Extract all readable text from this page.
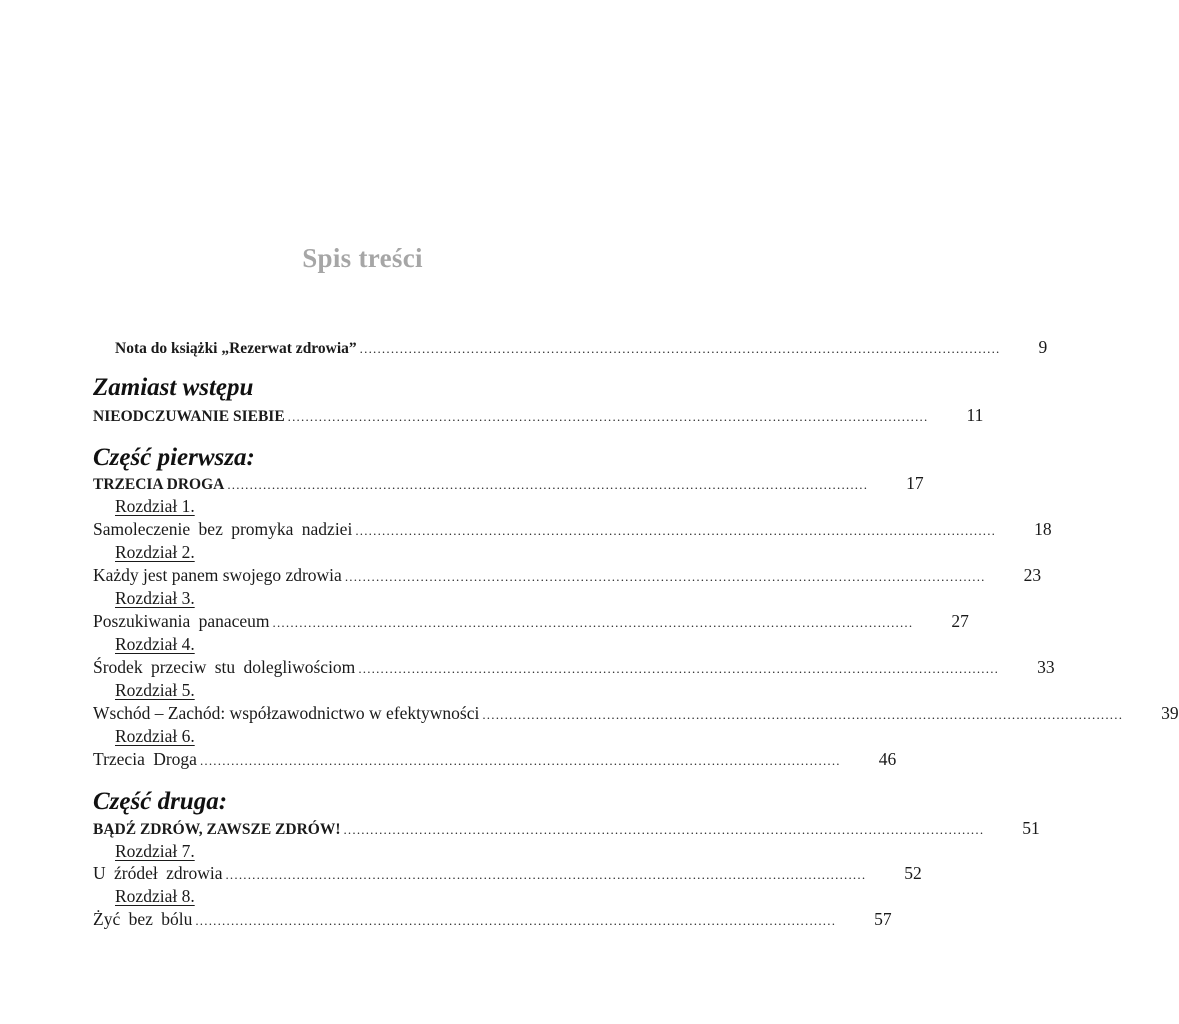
Spis treści
Nota do książki „Rezerwat zdrowia” ................................................................................................................................................ 9
Zamiast wstępu
NIEODCZUWANIE SIEBIE ................................................................................................................................................ 11
Część pierwsza:
TRZECIA DROGA ................................................................................................................................................ 17
Rozdział 1.
Samoleczenie bez promyka nadziei ................................................................................................................................................ 18
Rozdział 2.
Każdy jest panem swojego zdrowia ................................................................................................................................................ 23
Rozdział 3.
Poszukiwania panaceum ................................................................................................................................................ 27
Rozdział 4.
Środek przeciw stu dolegliwościom ................................................................................................................................................ 33
Rozdział 5.
Wschód – Zachód: współzawodnictwo w efektywności ................................................................................................................................................ 39
Rozdział 6.
Trzecia Droga ................................................................................................................................................ 46
Część druga:
BĄDŹ ZDRÓW, ZAWSZE ZDRÓW! ................................................................................................................................................ 51
Rozdział 7.
U źródeł zdrowia ................................................................................................................................................ 52
Rozdział 8.
Żyć bez bólu ................................................................................................................................................ 57
